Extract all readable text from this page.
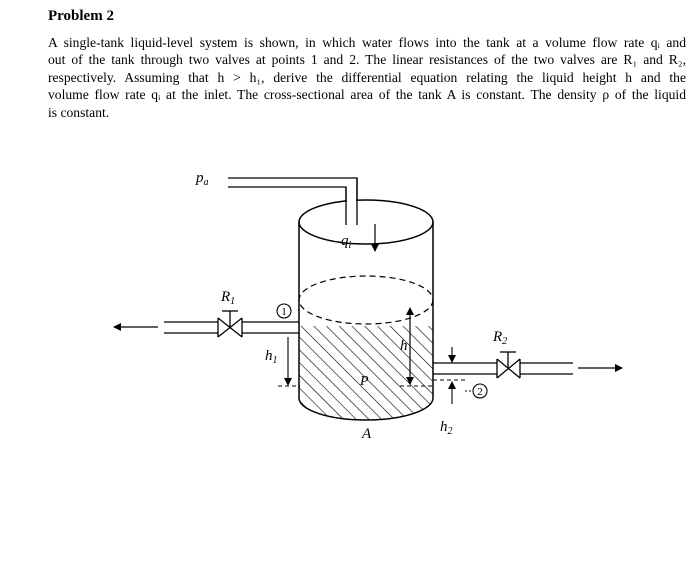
Problem 2
A single-tank liquid-level system is shown, in which water flows into the tank at a volume flow rate qᵢ and
out of the tank through two valves at points 1 and 2. The linear resistances of the two valves are R₁ and R₂,
respectively. Assuming that h > h₁, derive the differential equation relating the liquid height h and the
volume flow rate qᵢ at the inlet. The cross-sectional area of the tank A is constant. The density ρ of the liquid
is constant.
$p_a$
$q_i$
$R_1$
1
$h_1$
h
P
A
$R_2$
$h_2$
2
